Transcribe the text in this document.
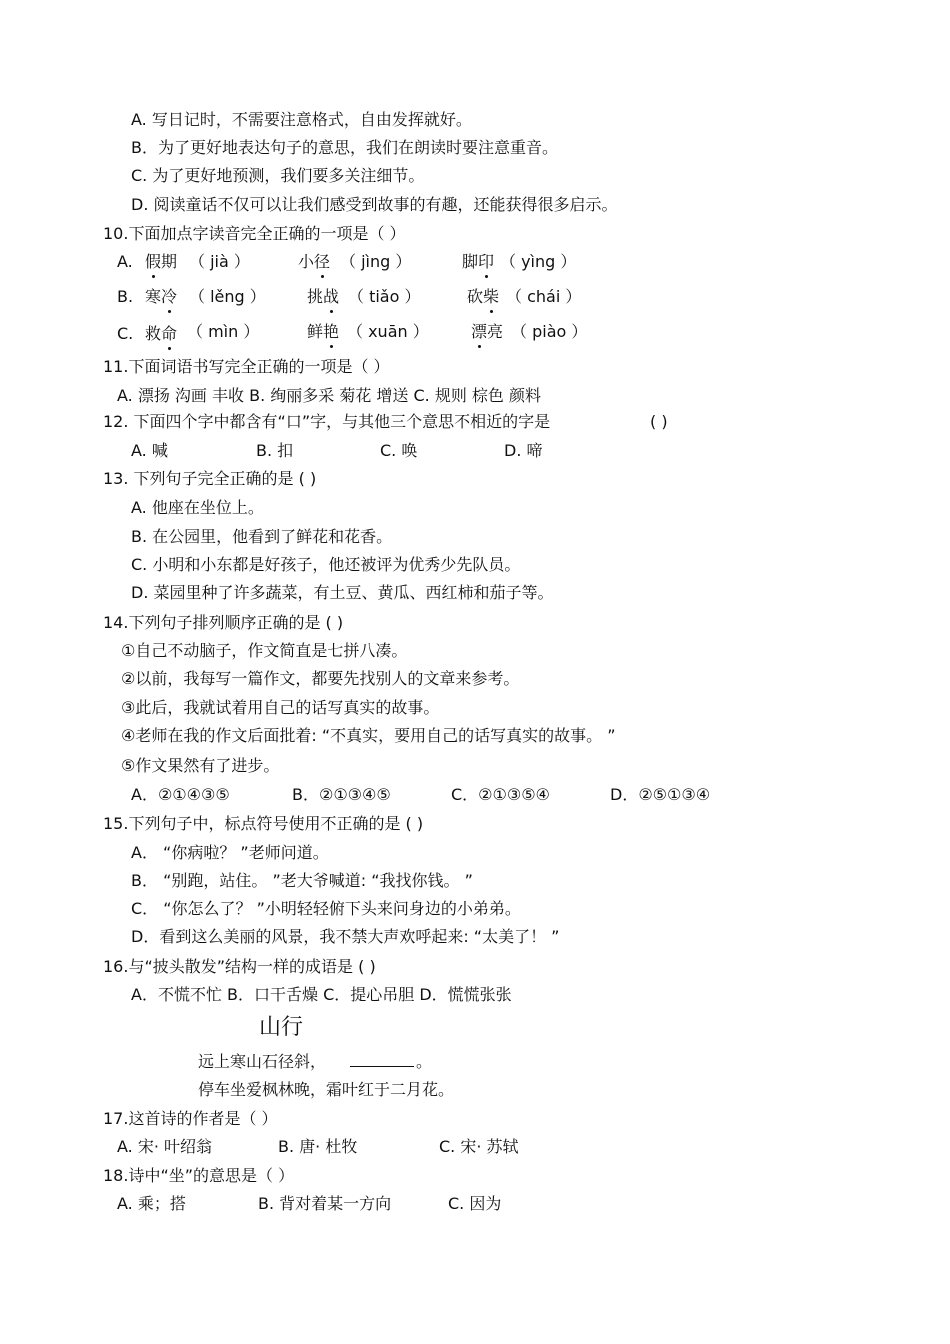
A. 写日记时，不需要注意格式，自由发挥就好。
B．为了更好地表达句子的意思，我们在朗读时要注意重音。
C. 为了更好地预测，我们要多关注细节。
D. 阅读童话不仅可以让我们感受到故事的有趣，还能获得很多启示。
10.下面加点字读音完全正确的一项是（ ）
A. 假期 （ jià ）	小径 （ jìng ）	脚印 （ yìng ）
B. 寒冷 （ lěng ）	挑战 （ tiǎo ）	砍柴 （ chái ）
C. 救命 （ mìn ）	鲜艳 （ xuān ）	漂亮 （ piào ）
11.下面词语书写完全正确的一项是（ ）
A. 漂扬 沟画 丰收 B. 绚丽多采 菊花 增送 C. 规则 棕色 颜料
12. 下面四个字中都含有“口”字，与其他三个意思不相近的字是	( )
A. 喊	B. 扣	C. 唤	D. 啼
13. 下列句子完全正确的是 ( )
A. 他座在坐位上。
B. 在公园里，他看到了鲜花和花香。
C. 小明和小东都是好孩子，他还被评为优秀少先队员。
D. 菜园里种了许多蔬菜，有土豆、黄瓜、西红柿和茄子等。
14.下列句子排列顺序正确的是 ( )
①自己不动脑子，作文简直是七拼八凑。
②以前，我每写一篇作文，都要先找别人的文章来参考。
③此后，我就试着用自己的话写真实的故事。
④老师在我的作文后面批着: “不真实，要用自己的话写真实的故事。 ”
⑤作文果然有了进步。
A．②①④③⑤	B．②①③④⑤	C．②①③⑤④	D．②⑤①③④
15.下列句子中，标点符号使用不正确的是 ( )
A． “你病啦？ ”老师问道。
B． “别跑，站住。 ”老大爷喊道: “我找你钱。 ”
C． “你怎么了？ ”小明轻轻俯下头来问身边的小弟弟。
D．看到这么美丽的风景，我不禁大声欢呼起来: “太美了！ ”
16.与“披头散发”结构一样的成语是 ( )
A．不慌不忙 B．口干舌燥 C．提心吊胆 D．慌慌张张
山行
远上寒山石径斜，	。
停车坐爱枫林晚，霜叶红于二月花。
17.这首诗的作者是（ ）
A. 宋· 叶绍翁	B. 唐· 杜牧	C. 宋· 苏轼
18.诗中“坐”的意思是（ ）
A. 乘；搭	B. 背对着某一方向	C. 因为
